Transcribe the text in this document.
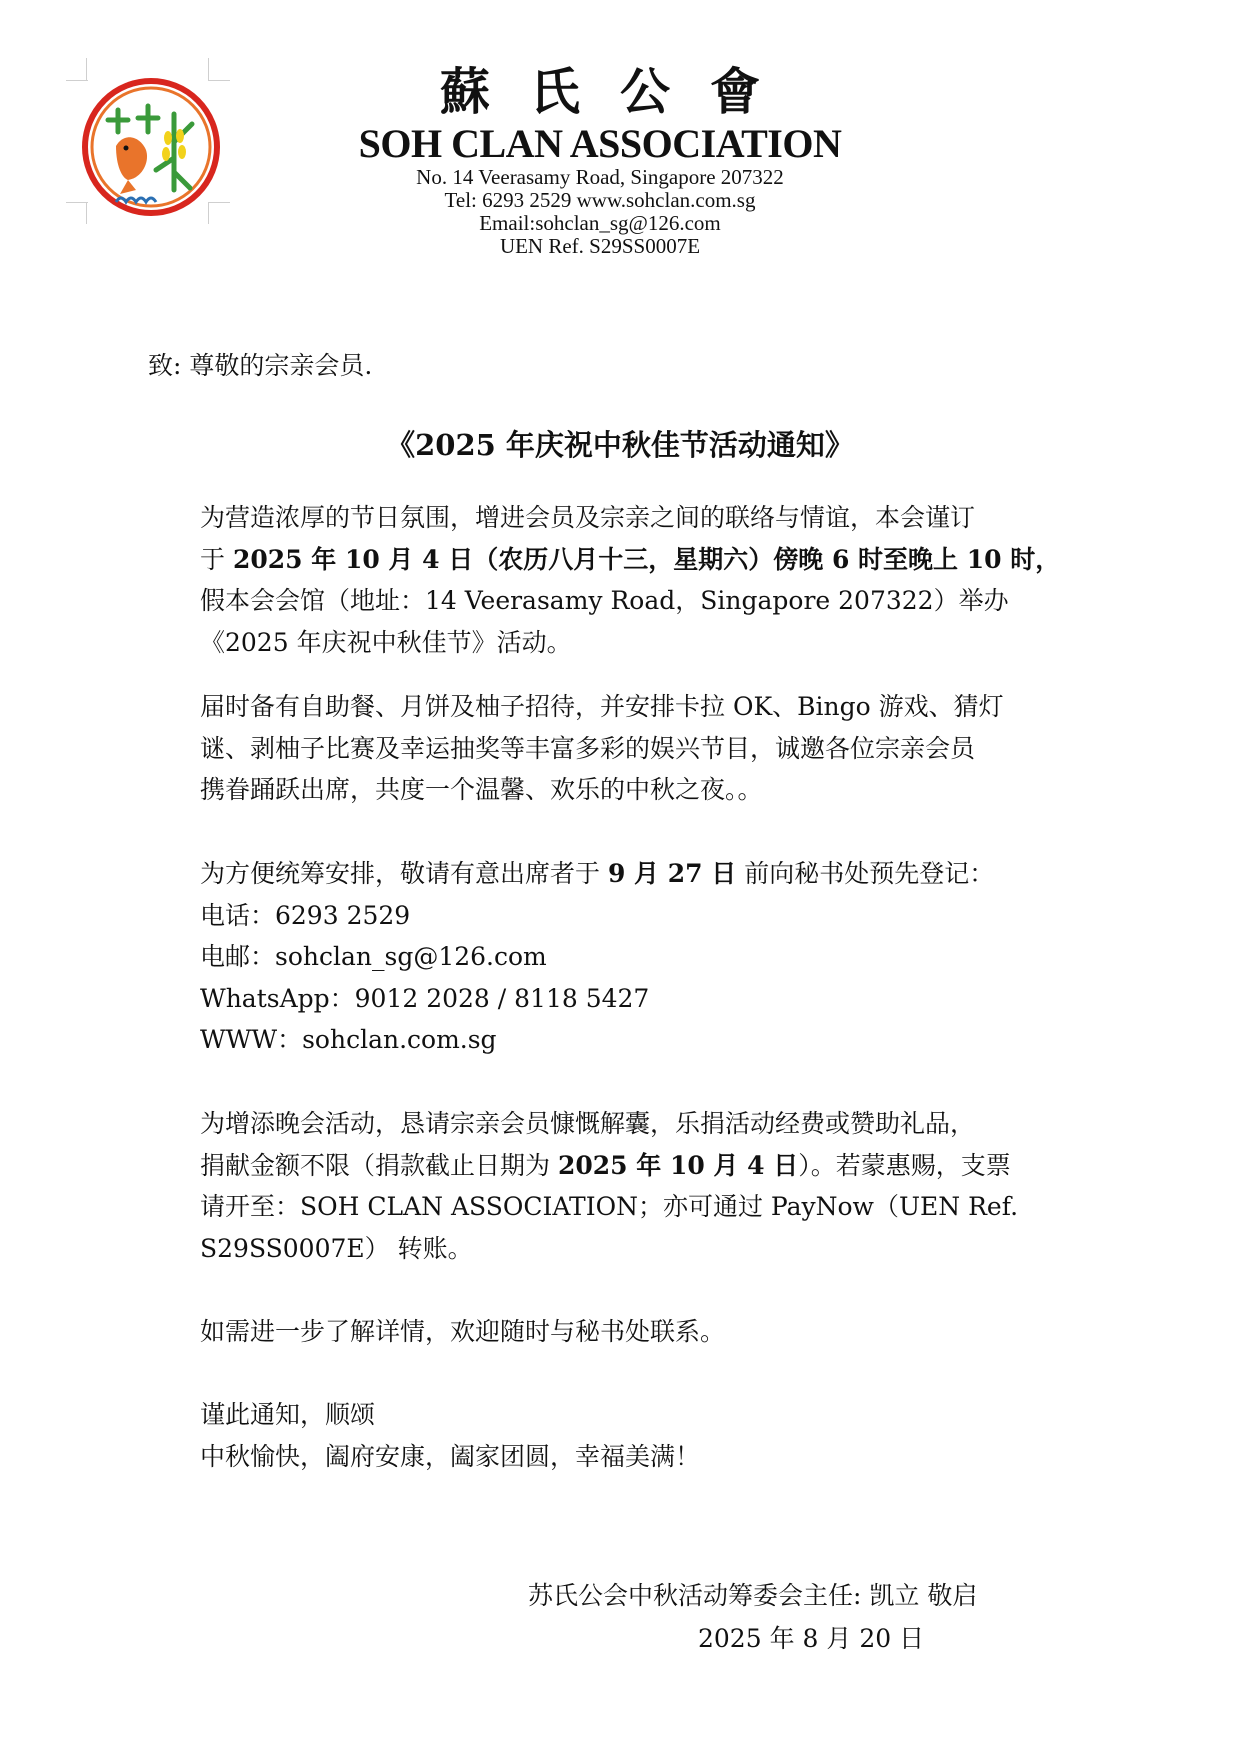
蘇氏公會
SOH CLAN ASSOCIATION
No. 14 Veerasamy Road, Singapore 207322
Tel: 6293 2529 www.sohclan.com.sg
Email:sohclan_sg@126.com
UEN Ref. S29SS0007E
致: 尊敬的宗亲会员.
《2025 年庆祝中秋佳节活动通知》
为营造浓厚的节日氛围，增进会员及宗亲之间的联络与情谊，本会谨订
于 2025 年 10 月 4 日（农历八月十三，星期六）傍晚 6 时至晚上 10 时，
假本会会馆（地址：14 Veerasamy Road，Singapore 207322）举办
《2025 年庆祝中秋佳节》活动。
届时备有自助餐、月饼及柚子招待，并安排卡拉 OK、Bingo 游戏、猜灯
谜、剥柚子比赛及幸运抽奖等丰富多彩的娱兴节目，诚邀各位宗亲会员
携眷踊跃出席，共度一个温馨、欢乐的中秋之夜。。
为方便统筹安排，敬请有意出席者于 9 月 27 日 前向秘书处预先登记：
电话：6293 2529
电邮：sohclan_sg@126.com
WhatsApp：9012 2028 / 8118 5427
WWW：sohclan.com.sg
为增添晚会活动，恳请宗亲会员慷慨解囊，乐捐活动经费或赞助礼品，
捐献金额不限（捐款截止日期为 2025 年 10 月 4 日）。若蒙惠赐，支票
请开至：SOH CLAN ASSOCIATION；亦可通过 PayNow（UEN Ref.
S29SS0007E） 转账。
如需进一步了解详情，欢迎随时与秘书处联系。
谨此通知，顺颂
中秋愉快，阖府安康，阖家团圆，幸福美满！
苏氏公会中秋活动筹委会主任: 凯立 敬启
2025 年 8 月 20 日
